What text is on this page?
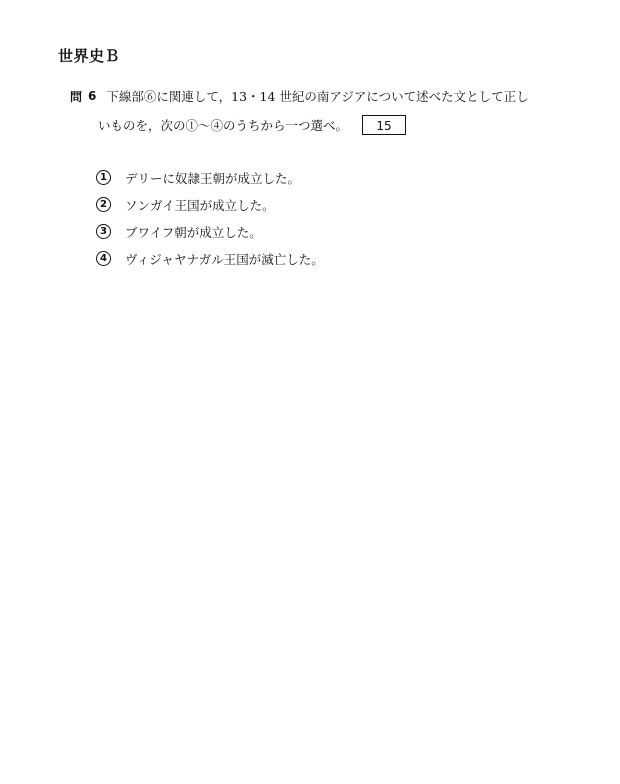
世界史Ｂ
問 6 下線部⑥に関連して，13・14 世紀の南アジアについて述べた文として正し
いものを，次の①～④のうちから一つ選べ。	15
1	デリーに奴隷王朝が成立した。
2	ソンガイ王国が成立した。
3	ブワイフ朝が成立した。
4	ヴィジャヤナガル王国が滅亡した。
